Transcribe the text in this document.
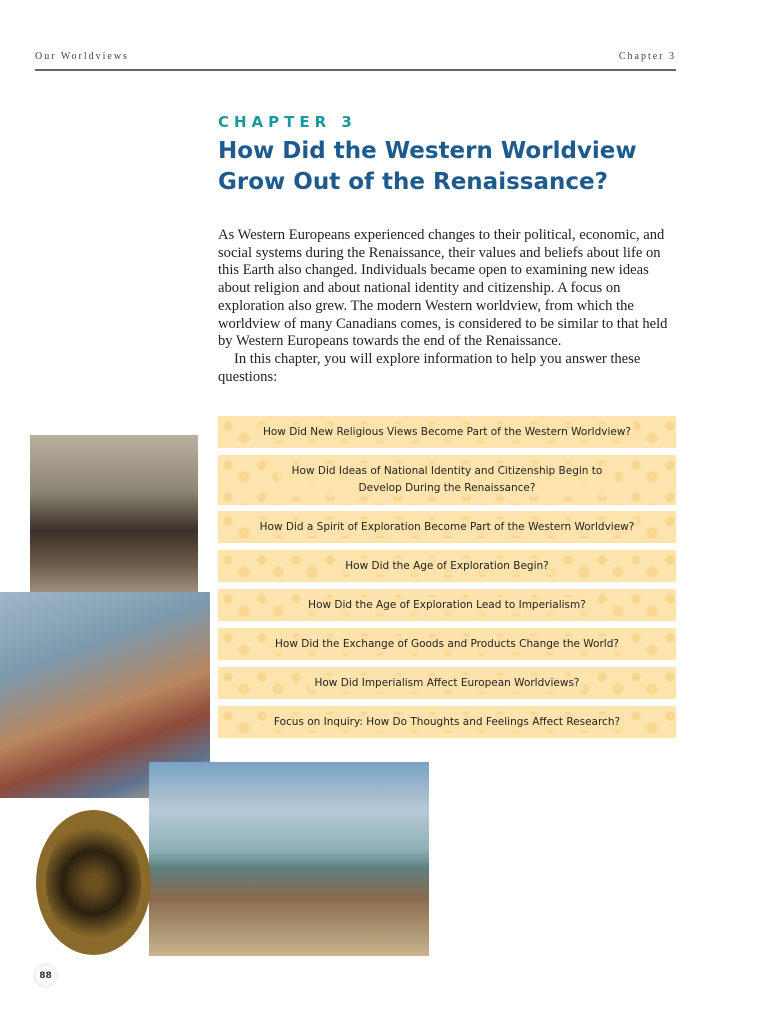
Our Worldviews	Chapter 3
CHAPTER 3
How Did the Western Worldview
Grow Out of the Renaissance?

As Western Europeans experienced changes to their political, economic, and social systems during the Renaissance, their values and beliefs about life on this Earth also changed. Individuals became open to examining new ideas about religion and about national identity and citizenship. A focus on exploration also grew. The modern Western worldview, from which the worldview of many Canadians comes, is considered to be similar to that held by Western Europeans towards the end of the Renaissance.

In this chapter, you will explore information to help you answer these questions:

How Did New Religious Views Become Part of the Western Worldview?
How Did Ideas of National Identity and Citizenship Begin to Develop During the Renaissance?
How Did a Spirit of Exploration Become Part of the Western Worldview?
How Did the Age of Exploration Begin?
How Did the Age of Exploration Lead to Imperialism?
How Did the Exchange of Goods and Products Change the World?
How Did Imperialism Affect European Worldviews?
Focus on Inquiry: How Do Thoughts and Feelings Affect Research?
88
